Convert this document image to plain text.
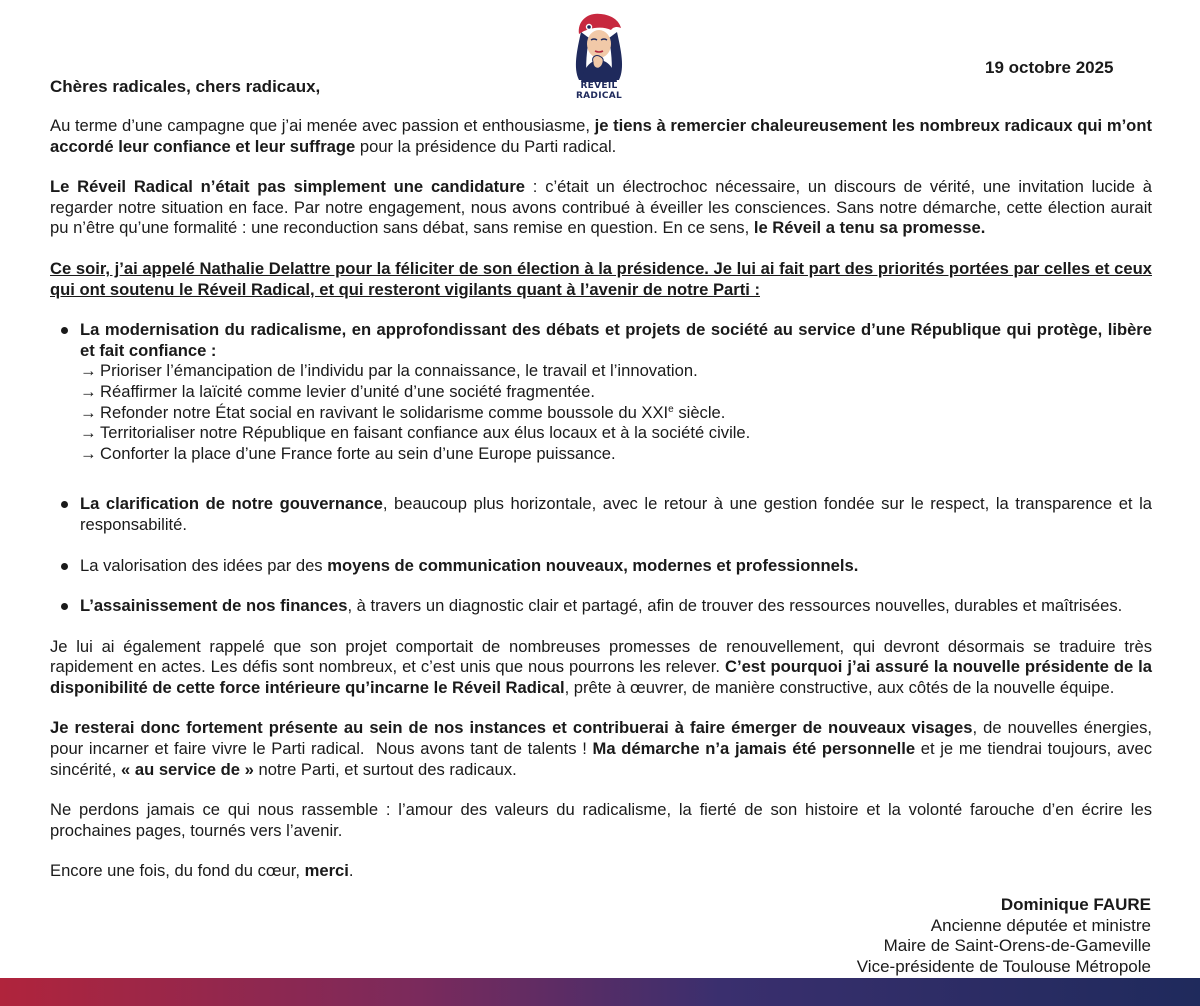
RÉVEIL
RADICAL
19 octobre 2025
Chères radicales, chers radicaux,

Au terme d’une campagne que j’ai menée avec passion et enthousiasme, je tiens à remercier chaleureusement les nombreux radicaux qui m’ont accordé leur confiance et leur suffrage pour la présidence du Parti radical.

Le Réveil Radical n’était pas simplement une candidature : c’était un électrochoc nécessaire, un discours de vérité, une invitation lucide à regarder notre situation en face. Par notre engagement, nous avons contribué à éveiller les consciences. Sans notre démarche, cette élection aurait pu n’être qu’une formalité : une reconduction sans débat, sans remise en question. En ce sens, le Réveil a tenu sa promesse.

Ce soir, j’ai appelé Nathalie Delattre pour la féliciter de son élection à la présidence. Je lui ai fait part des priorités portées par celles et ceux qui ont soutenu le Réveil Radical, et qui resteront vigilants quant à l’avenir de notre Parti :

La modernisation du radicalisme, en approfondissant des débats et projets de société au service d’une République qui protège, libère et fait confiance :
→ Prioriser l’émancipation de l’individu par la connaissance, le travail et l’innovation.
→ Réaffirmer la laïcité comme levier d’unité d’une société fragmentée.
→ Refonder notre État social en ravivant le solidarisme comme boussole du XXIe siècle.
→ Territorialiser notre République en faisant confiance aux élus locaux et à la société civile.
→ Conforter la place d’une France forte au sein d’une Europe puissance.
La clarification de notre gouvernance, beaucoup plus horizontale, avec le retour à une gestion fondée sur le respect, la transparence et la responsabilité.
La valorisation des idées par des moyens de communication nouveaux, modernes et professionnels.
L’assainissement de nos finances, à travers un diagnostic clair et partagé, afin de trouver des ressources nouvelles, durables et maîtrisées.

Je lui ai également rappelé que son projet comportait de nombreuses promesses de renouvellement, qui devront désormais se traduire très rapidement en actes. Les défis sont nombreux, et c’est unis que nous pourrons les relever. C’est pourquoi j’ai assuré la nouvelle présidente de la disponibilité de cette force intérieure qu’incarne le Réveil Radical, prête à œuvrer, de manière constructive, aux côtés de la nouvelle équipe.

Je resterai donc fortement présente au sein de nos instances et contribuerai à faire émerger de nouveaux visages, de nouvelles énergies, pour incarner et faire vivre le Parti radical.  Nous avons tant de talents ! Ma démarche n’a jamais été personnelle et je me tiendrai toujours, avec sincérité, « au service de » notre Parti, et surtout des radicaux.

Ne perdons jamais ce qui nous rassemble : l’amour des valeurs du radicalisme, la fierté de son histoire et la volonté farouche d’en écrire les prochaines pages, tournés vers l’avenir.

Encore une fois, du fond du cœur, merci.

Dominique FAURE
Ancienne députée et ministre
Maire de Saint-Orens-de-Gameville
Vice-présidente de Toulouse Métropole
